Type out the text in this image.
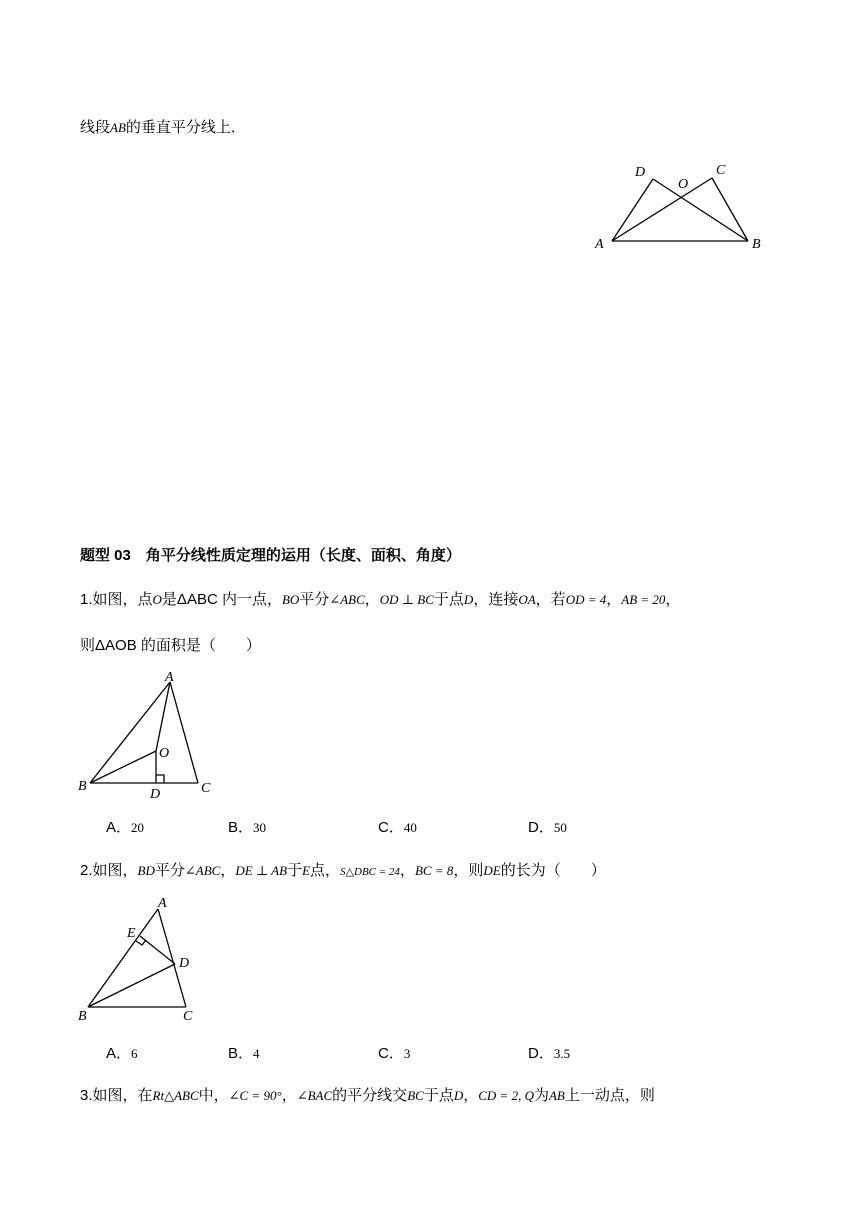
线段AB的垂直平分线上．
D
O
C
A	B
题型 03　角平分线性质定理的运用（长度、面积、角度）
1.如图，点O是ΔABC 内一点，BO平分∠ABC，OD ⊥ BC于点D，连接OA，若OD = 4，AB = 20，
则ΔAOB 的面积是（　　）
A
O
B
D	C
A．20	B．30	C．40	D．50
2.如图，BD平分∠ABC，DE ⊥ AB于E点，S△DBC = 24，BC = 8，则DE的长为（　　）
A
E
D
B	C
A．6	B．4	C．3	D．3.5
3.如图，在Rt△ABC中，∠C = 90°，∠BAC的平分线交BC于点D，CD = 2, Q为AB上一动点，则
